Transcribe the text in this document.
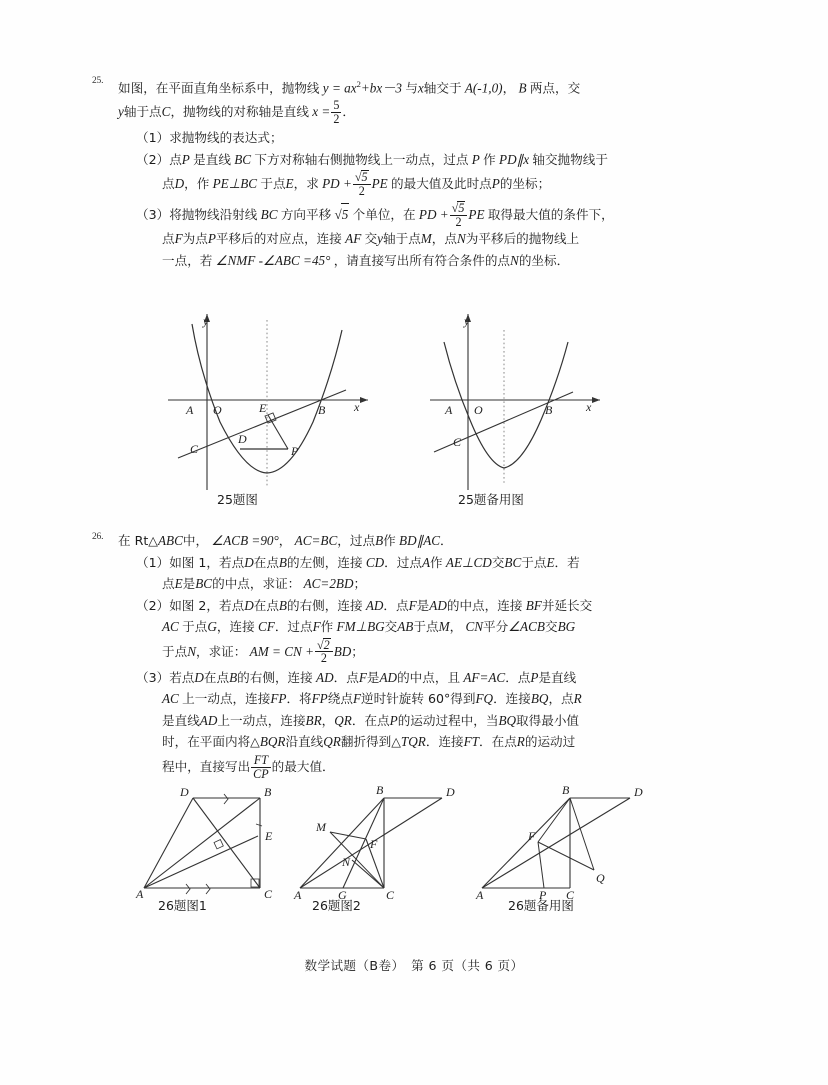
25. 如图，在平面直角坐标系中，抛物线 $y = ax^2+bx-3$ 与x轴交于 A(-1,0)， B 两点，交
y轴于点C，抛物线的对称轴是直线 $x = \frac{5}{2}$ ．
（1）求抛物线的表达式；
（2）点P 是直线 BC 下方对称轴右侧抛物线上一动点，过点 P 作 PD∥x 轴交抛物线于
点D，作 PE⊥BC 于点E，求 PD + $\frac{√5}{2}$ PE 的最大值及此时点P的坐标；
（3）将抛物线沿射线 BC 方向平移 √5 个单位，在 PD + $\frac{√5}{2}$ PE 取得最大值的条件下，
点F为点P平移后的对应点，连接 AF 交y轴于点M，点N为平移后的抛物线上
一点，若 ∠NMF -∠ABC =45° ，请直接写出所有符合条件的点N的坐标．
y
x
A O	B
C
D
E
P
25题图
y
x
A O	B
C
25题备用图
26. 在 Rt△ABC中， ∠ACB =90°， AC=BC，过点B作 BD∥AC．
（1）如图 1，若点D在点B的左侧，连接 CD．过点A作 AE⊥CD交BC于点E．若
点E是BC的中点，求证： AC=2BD；
（2）如图 2，若点D在点B的右侧，连接 AD．点F是AD的中点，连接 BF并延长交
AC 于点G，连接 CF．过点F作 FM⊥BG交AB于点M， CN平分∠ACB交BG
于点N，求证： AM = CN + $\frac{√2}{2}$ BD；
（3）若点D在点B的右侧，连接 AD．点F是AD的中点，且 AF=AC．点P是直线
AC 上一动点，连接FP．将FP绕点F逆时针旋转 60°得到FQ．连接BQ，点R
是直线AD上一动点，连接BR，QR．在点P的运动过程中，当BQ取得最小值
时，在平面内将△BQR沿直线QR翻折得到△TQR．连接FT．在点R的运动过
程中，直接写出 $\frac{FT}{CP}$ 的最大值．
D	B
E
A	C
26题图1
B	D
M
F
N
A	G	C
26题图2
B	D
F
Q
A	P C
26题备用图
数学试题（B卷）　第 6 页（共 6 页）
